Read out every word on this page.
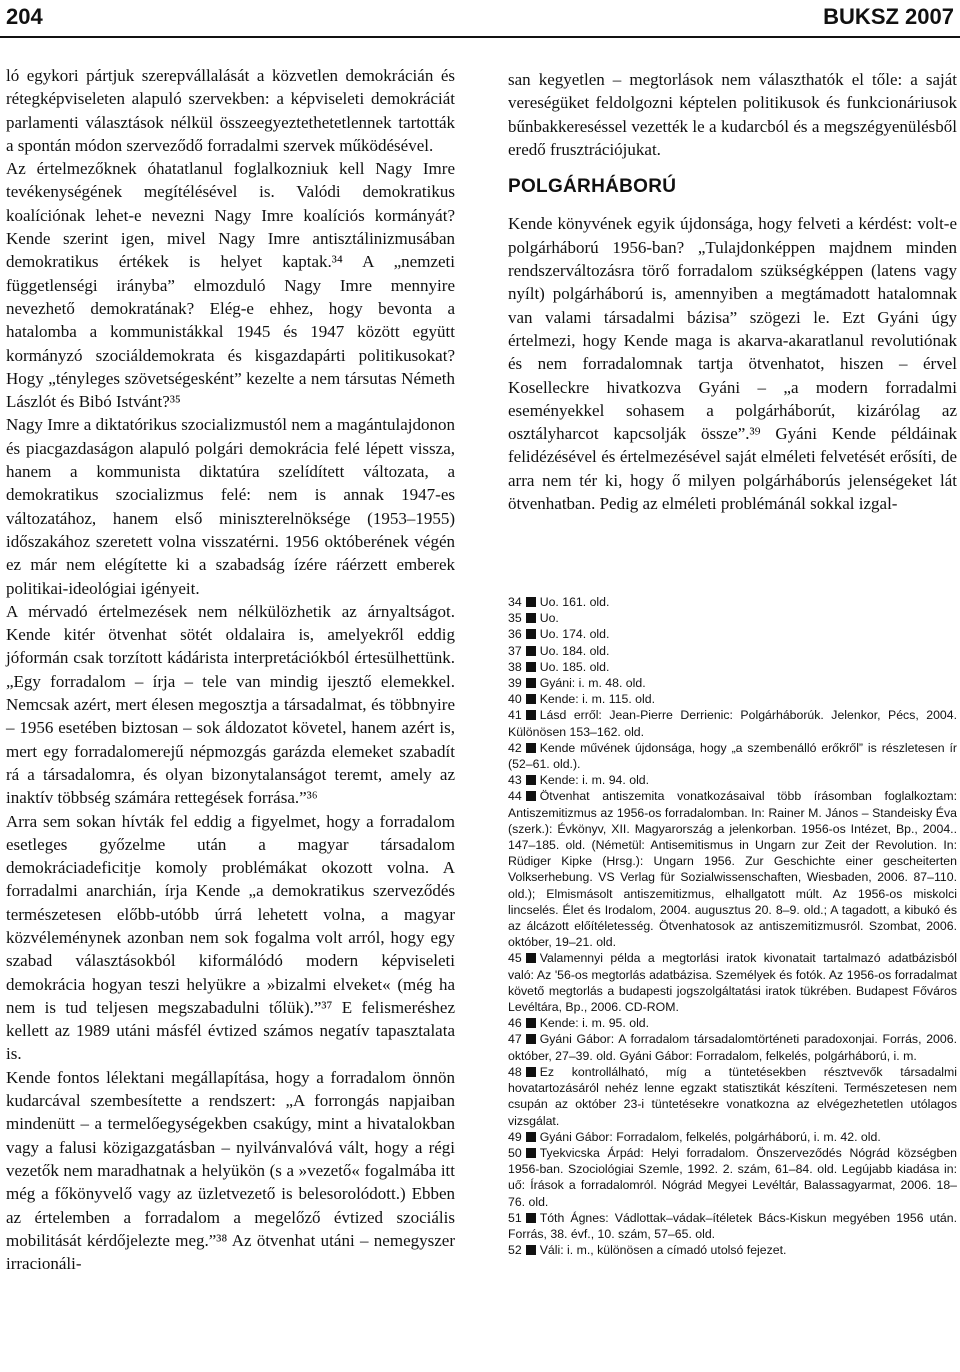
204	BUKSZ 2007

ló egykori pártjuk szerepvállalását a közvetlen demokrácián és rétegképviseleten alapuló szervekben: a képviseleti demokráciát parlamenti választások nélkül összeegyeztethetetlennek tartották a spontán módon szerveződő forradalmi szervek működésével.

Az értelmezőknek óhatatlanul foglalkozniuk kell Nagy Imre tevékenységének megítélésével is. Valódi demokratikus koalíciónak lehet-e nevezni Nagy Imre koalíciós kormányát? Kende szerint igen, mivel Nagy Imre antisztálinizmusában demokratikus értékek is helyet kaptak.³⁴ A „nemzeti függetlenségi irányba” elmozduló Nagy Imre mennyire nevezhető demokratának? Elég-e ehhez, hogy bevonta a hatalomba a kommunistákkal 1945 és 1947 között együtt kormányzó szociáldemokrata és kisgazdapárti politikusokat? Hogy „tényleges szövetségesként” kezelte a nem társutas Németh Lászlót és Bibó Istvánt?³⁵

Nagy Imre a diktatórikus szocializmustól nem a magántulajdonon és piacgazdaságon alapuló polgári demokrácia felé lépett vissza, hanem a kommunista diktatúra szelídített változata, a demokratikus szocializmus felé: nem is annak 1947-es változatához, hanem első miniszterelnöksége (1953–1955) időszakához szeretett volna visszatérni. 1956 októberének végén ez már nem elégítette ki a szabadság ízére ráérzett emberek politikai-ideológiai igényeit.

A mérvadó értelmezések nem nélkülözhetik az árnyaltságot. Kende kitér ötvenhat sötét oldalaira is, amelyekről eddig jóformán csak torzított kádárista interpretációkból értesülhettünk. „Egy forradalom – írja – tele van mindig ijesztő elemekkel. Nemcsak azért, mert élesen megosztja a társadalmat, és többnyire – 1956 esetében biztosan – sok áldozatot követel, hanem azért is, mert egy forradalomerejű népmozgás garázda elemeket szabadít rá a társadalomra, és olyan bizonytalanságot teremt, amely az inaktív többség számára rettegések forrása.”³⁶

Arra sem sokan hívták fel eddig a figyelmet, hogy a forradalom esetleges győzelme után a magyar társadalom demokráciadeficitje komoly problémákat okozott volna. A forradalmi anarchián, írja Kende „a demokratikus szerveződés természetesen előbb-utóbb úrrá lehetett volna, a magyar közvéleménynek azonban nem sok fogalma volt arról, hogy egy szabad választásokból kiformálódó modern képviseleti demokrácia hogyan teszi helyükre a »bizalmi elveket« (még ha nem is tud teljesen megszabadulni tőlük).”³⁷ E felismeréshez kellett az 1989 utáni másfél évtized számos negatív tapasztalata is.

Kende fontos lélektani megállapítása, hogy a forradalom önnön kudarcával szembesítette a rendszert: „A forrongás napjaiban mindenütt – a termelőegységekben csakúgy, mint a hivatalokban vagy a falusi közigazgatásban – nyilvánvalóvá vált, hogy a régi vezetők nem maradhatnak a helyükön (s a »vezető« fogalmába itt még a főkönyvelő vagy az üzletvezető is belesorolódott.) Ebben az értelemben a forradalom a megelőző évtized szociális mobilitását kérdőjelezte meg.”³⁸ Az ötvenhat utáni – nemegyszer irracionáli-

san kegyetlen – megtorlások nem választhatók el tőle: a saját vereségüket feldolgozni képtelen politikusok és funkcionáriusok bűnbakkereséssel vezették le a kudarcból és a megszégyenülésből eredő frusztrációjukat.

POLGÁRHÁBORÚ

Kende könyvének egyik újdonsága, hogy felveti a kérdést: volt-e polgárháború 1956-ban? „Tulajdonképpen majdnem minden rendszerváltozásra törő forradalom szükségképpen (latens vagy nyílt) polgárháború is, amennyiben a megtámadott hatalomnak van valami társadalmi bázisa” szögezi le. Ezt Gyáni úgy értelmezi, hogy Kende maga is akarva-akaratlanul revolutiónak és nem forradalomnak tartja ötvenhatot, hiszen – érvel Koselleckre hivatkozva Gyáni – „a modern forradalmi eseményekkel sohasem a polgárháborút, kizárólag az osztályharcot kapcsolják össze”.³⁹ Gyáni Kende példáinak felidézésével és értelmezésével saját elméleti felvetését erősíti, de arra nem tér ki, hogy ő milyen polgárháborús jelenségeket lát ötvenhatban. Pedig az elméleti problémánál sokkal izgal-

34 Uo. 161. old.

35 Uo.

36 Uo. 174. old.

37 Uo. 184. old.

38 Uo. 185. old.

39 Gyáni: i. m. 48. old.

40 Kende: i. m. 115. old.

41 Lásd erről: Jean-Pierre Derrienic: Polgárháborúk. Jelenkor, Pécs, 2004. Különösen 153–162. old.

42 Kende művének újdonsága, hogy „a szembenálló erőkről” is részletesen ír (52–61. old.).

43 Kende: i. m. 94. old.

44 Ötvenhat antiszemita vonatkozásaival több írásomban foglalkoztam: Antiszemitizmus az 1956-os forradalomban. In: Rainer M. János – Standeisky Éva (szerk.): Évkönyv, XII. Magyarország a jelenkorban. 1956-os Intézet, Bp., 2004.. 147–185. old. (Németül: Antisemitismus in Ungarn zur Zeit der Revolution. In: Rüdiger Kipke (Hrsg.): Ungarn 1956. Zur Geschichte einer gescheiterten Volkserhebung. VS Verlag für Sozialwissenschaften, Wiesbaden, 2006. 87–110. old.); Elmismásolt antiszemitizmus, elhallgatott múlt. Az 1956-os miskolci lincselés. Élet és Irodalom, 2004. augusztus 20. 8–9. old.; A tagadott, a kibukó és az álcázott előítéletesség. Ötvenhatosok az antiszemitizmusról. Szombat, 2006. október, 19–21. old.

45 Valamennyi példa a megtorlási iratok kivonatait tartalmazó adatbázisból való: Az '56-os megtorlás adatbázisa. Személyek és fotók. Az 1956-os forradalmat követő megtorlás a budapesti jogszolgáltatási iratok tükrében. Budapest Főváros Levéltára, Bp., 2006. CD-ROM.

46 Kende: i. m. 95. old.

47 Gyáni Gábor: A forradalom társadalomtörténeti paradoxonjai. Forrás, 2006. október, 27–39. old. Gyáni Gábor: Forradalom, felkelés, polgárháború, i. m.

48 Ez kontrollálható, míg a tüntetésekben résztvevők társadalmi hovatartozásáról nehéz lenne egzakt statisztikát készíteni. Természetesen nem csupán az október 23-i tüntetésekre vonatkozna az elvégezhetetlen utólagos vizsgálat.

49 Gyáni Gábor: Forradalom, felkelés, polgárháború, i. m. 42. old.

50 Tyekvicska Árpád: Helyi forradalom. Önszerveződés Nógrád községben 1956-ban. Szociológiai Szemle, 1992. 2. szám, 61–84. old. Legújabb kiadása in: uő: Írások a forradalomról. Nógrád Megyei Levéltár, Balassagyarmat, 2006. 18–76. old.

51 Tóth Ágnes: Vádlottak–vádak–ítéletek Bács-Kiskun megyében 1956 után. Forrás, 38. évf., 10. szám, 57–65. old.

52 Váli: i. m., különösen a címadó utolsó fejezet.
